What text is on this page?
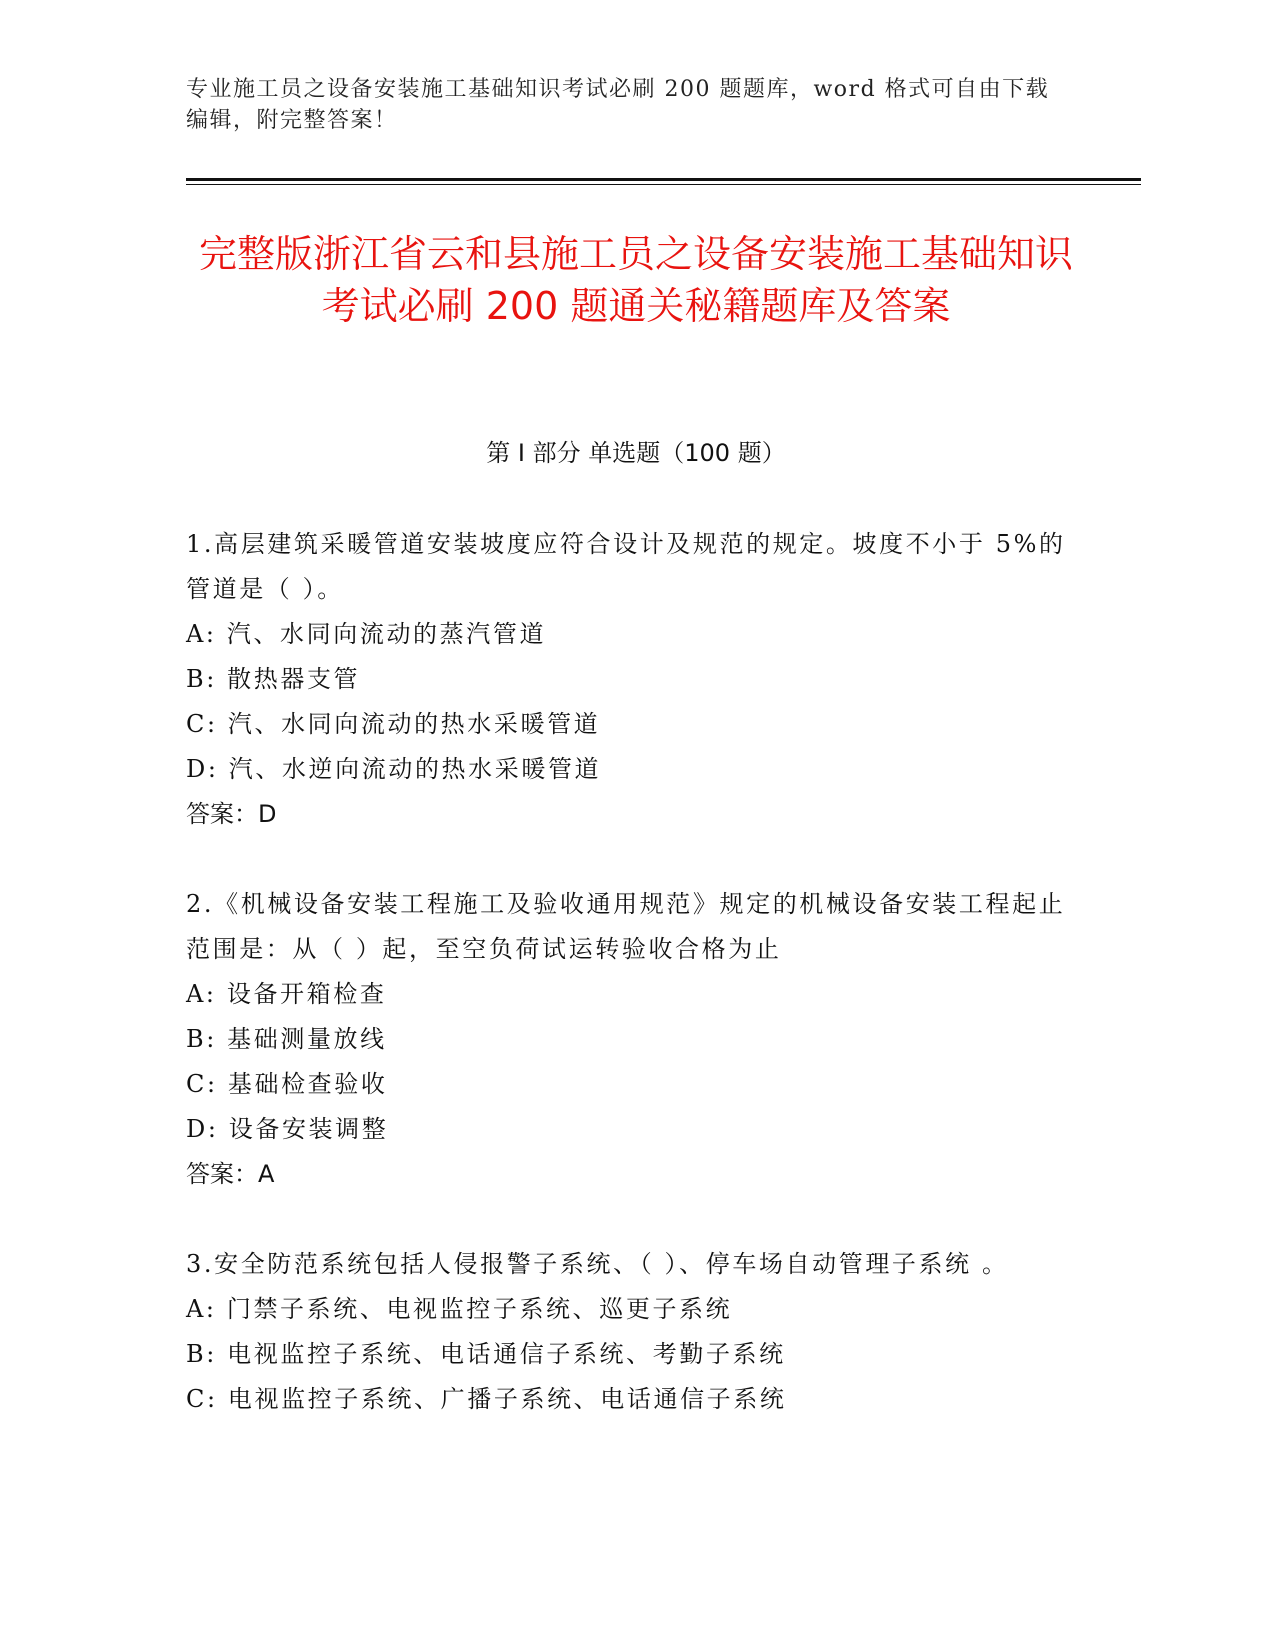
专业施工员之设备安装施工基础知识考试必刷 200 题题库，word 格式可自由下载编辑，附完整答案！
完整版浙江省云和县施工员之设备安装施工基础知识考试必刷 200 题通关秘籍题库及答案
第 I 部分 单选题（100 题）

1.高层建筑采暖管道安装坡度应符合设计及规范的规定。坡度不小于 5%的管道是（ ）。

A: 汽、水同向流动的蒸汽管道

B: 散热器支管

C: 汽、水同向流动的热水采暖管道

D: 汽、水逆向流动的热水采暖管道

答案：D

2.《机械设备安装工程施工及验收通用规范》规定的机械设备安装工程起止范围是：从（ ）起，至空负荷试运转验收合格为止

A: 设备开箱检查

B: 基础测量放线

C: 基础检查验收

D: 设备安装调整

答案：A

3.安全防范系统包括人侵报警子系统、（ ）、停车场自动管理子系统 。

A: 门禁子系统、电视监控子系统、巡更子系统

B: 电视监控子系统、电话通信子系统、考勤子系统

C: 电视监控子系统、广播子系统、电话通信子系统
